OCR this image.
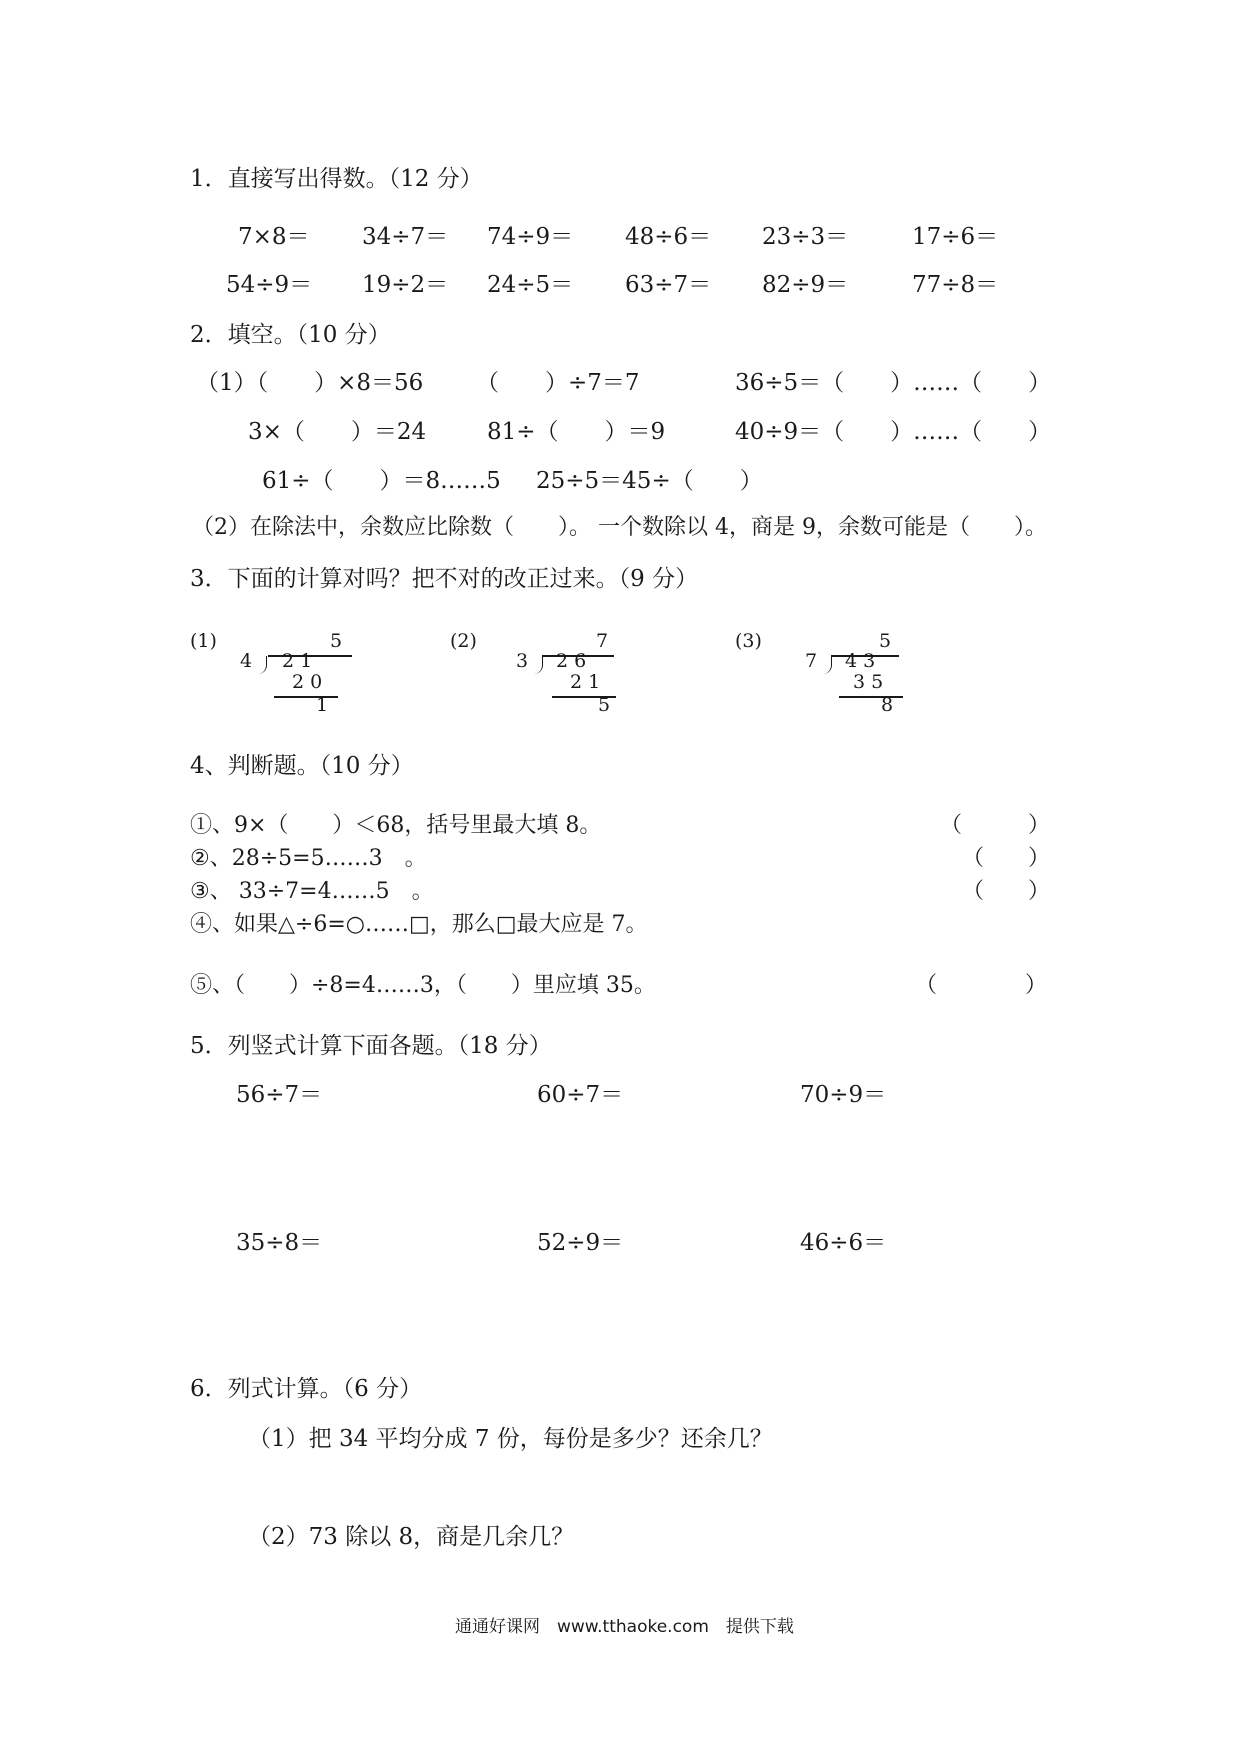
1．直接写出得数。（12 分）
7×8＝ 34÷7＝ 74÷9＝ 48÷6＝ 23÷3＝	17÷6＝
54÷9＝ 19÷2＝ 24÷5＝ 63÷7＝ 82÷9＝	77÷8＝
2．填空。（10 分）
（1）（　　）×8＝56 （　　）÷7＝7	36÷5＝（　　）……（　　）
3×（　　）＝24	81÷（　　）＝9	40÷9＝（　　）……（　　）
61÷（　　）＝8……5 25÷5＝45÷（　　）
（2）在除法中，余数应比除数（　　）。 一个数除以 4，商是 9，余数可能是（　　）。
3．下面的计算对吗？把不对的改正过来。（9 分）
(1)	5
4 2 1
2 0
1
(2)	7
3 2 6
2 1
5
(3)	5
7 4 3
3 5
8
4、判断题。（10 分）
①、9×（　　）＜68，括号里最大填 8。	（　　　）
②、28÷5=5……3　。	（　　）
③、 33÷7=4……5　。	（　　）
④、如果△÷6=○……□，那么□最大应是 7。
⑤、（　　）÷8=4……3，（　　）里应填 35。	（　　　　）
5．列竖式计算下面各题。（18 分）
56÷7＝	60÷7＝	70÷9＝
35÷8＝	52÷9＝	46÷6＝
6．列式计算。（6 分）
（1）把 34 平均分成 7 份，每份是多少？还余几？
（2）73 除以 8，商是几余几？
通通好课网　www.tthaoke.com　提供下载
